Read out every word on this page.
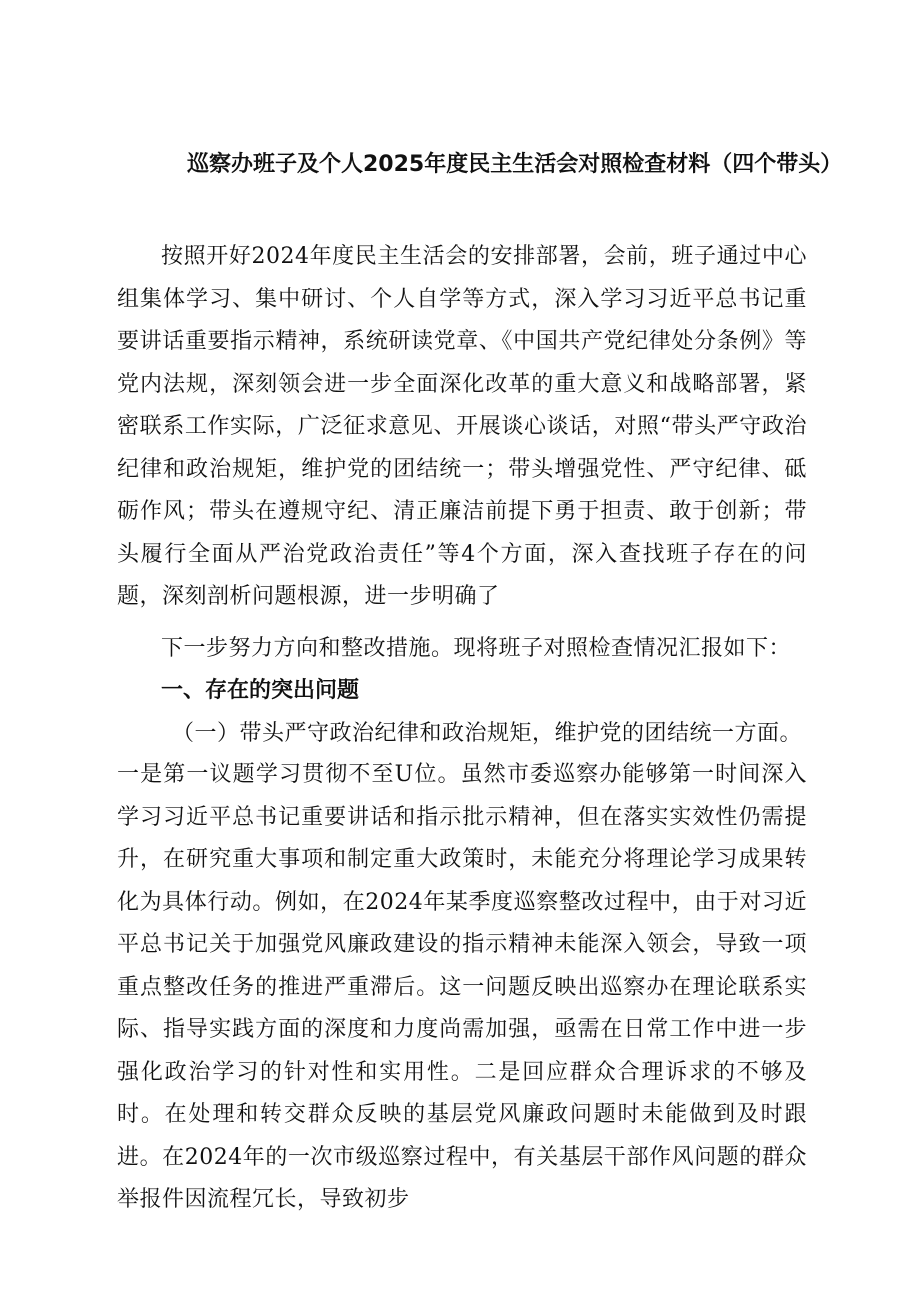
巡察办班子及个人2025年度民主生活会对照检查材料（四个带头）
按照开好2024年度民主生活会的安排部署，会前，班子通过中心组集体学习、集中研讨、个人自学等方式，深入学习习近平总书记重要讲话重要指示精神，系统研读党章、《中国共产党纪律处分条例》等党内法规，深刻领会进一步全面深化改革的重大意义和战略部署，紧密联系工作实际，广泛征求意见、开展谈心谈话，对照“带头严守政治纪律和政治规矩，维护党的团结统一；带头增强党性、严守纪律、砥砺作风；带头在遵规守纪、清正廉洁前提下勇于担责、敢于创新；带头履行全面从严治党政治责任”等4个方面，深入查找班子存在的问题，深刻剖析问题根源，进一步明确了
下一步努力方向和整改措施。现将班子对照检查情况汇报如下：
一、存在的突出问题
（一）带头严守政治纪律和政治规矩，维护党的团结统一方面。
一是第一议题学习贯彻不至U位。虽然市委巡察办能够第一时间深入学习习近平总书记重要讲话和指示批示精神，但在落实实效性仍需提升，在研究重大事项和制定重大政策时，未能充分将理论学习成果转化为具体行动。例如，在2024年某季度巡察整改过程中，由于对习近平总书记关于加强党风廉政建设的指示精神未能深入领会，导致一项重点整改任务的推进严重滞后。这一问题反映出巡察办在理论联系实际、指导实践方面的深度和力度尚需加强，亟需在日常工作中进一步强化政治学习的针对性和实用性。二是回应群众合理诉求的不够及时。在处理和转交群众反映的基层党风廉政问题时未能做到及时跟进。在2024年的一次市级巡察过程中，有关基层干部作风问题的群众举报件因流程冗长，导致初步
